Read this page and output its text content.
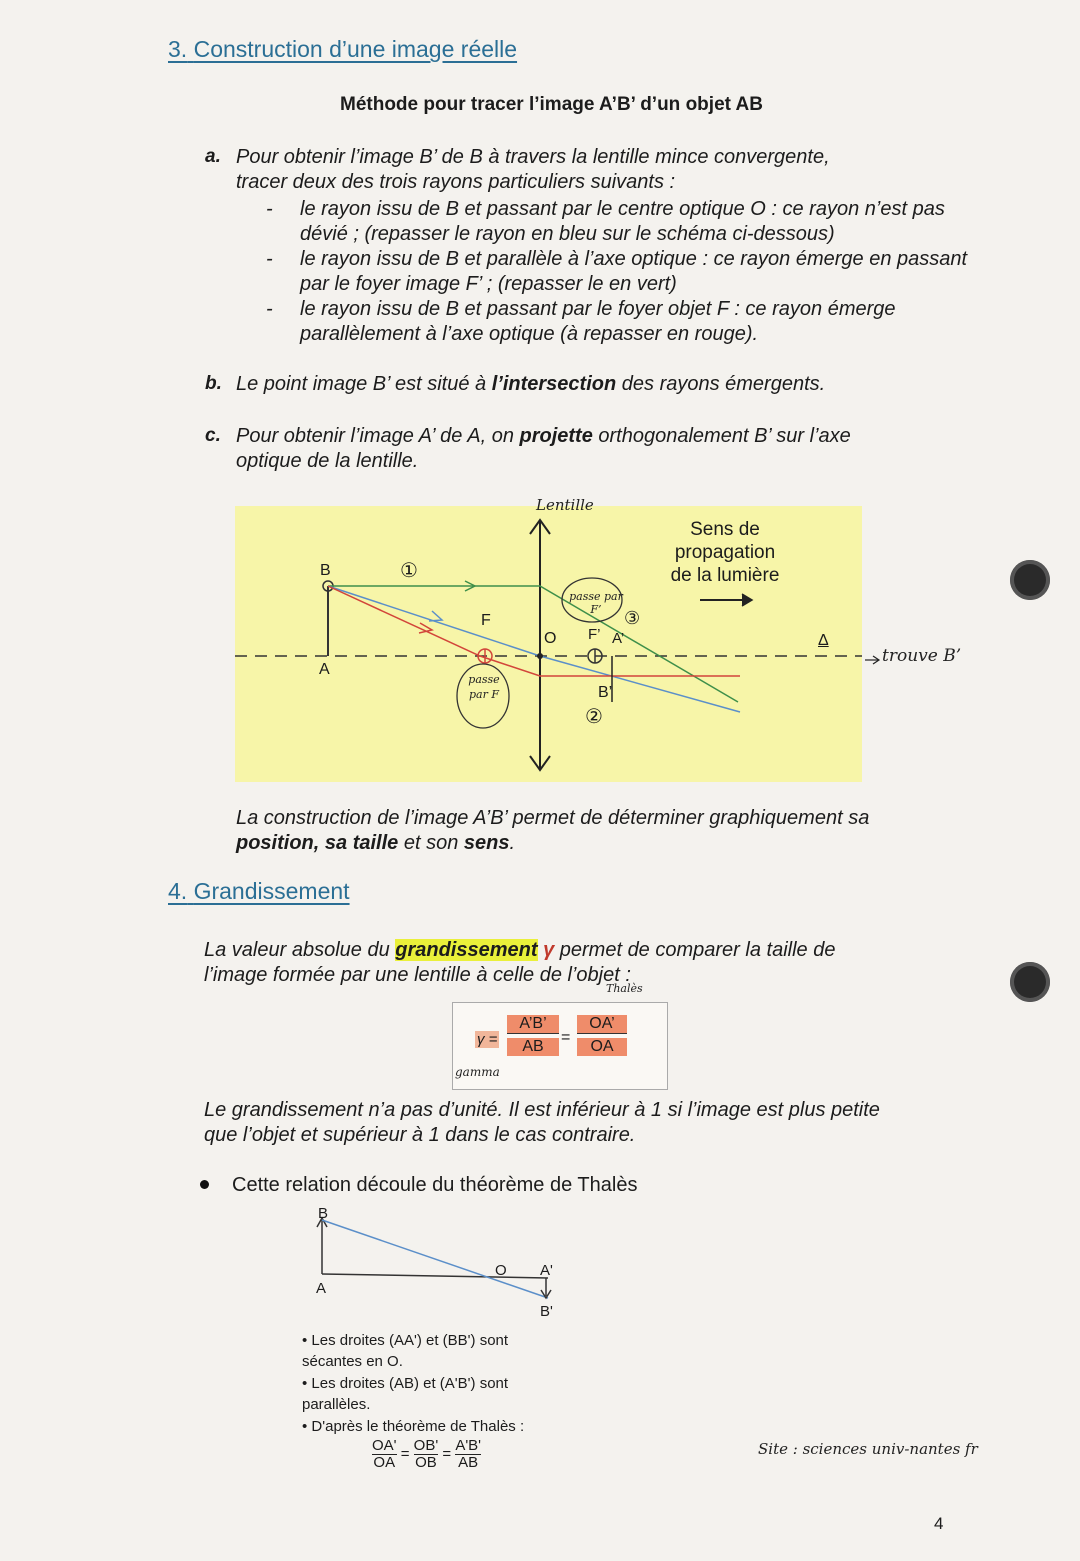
3. Construction d’une image réelle
Méthode pour tracer l’image A’B’ d’un objet AB
a. Pour obtenir l’image B’ de B à travers la lentille mince convergente,
tracer deux des trois rayons particuliers suivants :
- le rayon issu de B et passant par le centre optique O : ce rayon n’est pas dévié ; (repasser le rayon en bleu sur le schéma ci-dessous)
- le rayon issu de B et parallèle à l’axe optique : ce rayon émerge en passant par le foyer image F’ ; (repasser le en vert)
- le rayon issu de B et passant par le foyer objet F : ce rayon émerge parallèlement à l’axe optique (à repasser en rouge).
b. Le point image B’ est situé à l’intersection des rayons émergents.
c. Pour obtenir l’image A’ de A, on projette orthogonalement B’ sur l’axe
optique de la lentille.
Lentille
Sens de
propagation
de la lumière
B
A
①
F
O F’ A’
③
B’
②
Δ
passe par F
passe par F’
trouve B’
La construction de l’image A’B’ permet de déterminer graphiquement sa
position, sa taille et son sens.
4. Grandissement
La valeur absolue du grandissement γ permet de comparer la taille de
l’image formée par une lentille à celle de l’objet :
Thalès
γ =
A’B’
AB
=
OA’
OA
gamma
Le grandissement n’a pas d’unité. Il est inférieur à 1 si l’image est plus petite
que l’objet et supérieur à 1 dans le cas contraire.
Cette relation découle du théorème de Thalès
B
A
O A'
B'
• Les droites (AA') et (BB') sont sécantes en O.
• Les droites (AB) et (A'B') sont parallèles.
• D'après le théorème de Thalès :
$\frac{OA'}{OA} = \frac{OB'}{OB} = \frac{A'B'}{AB}$	Site : sciences univ-nantes fr
4
